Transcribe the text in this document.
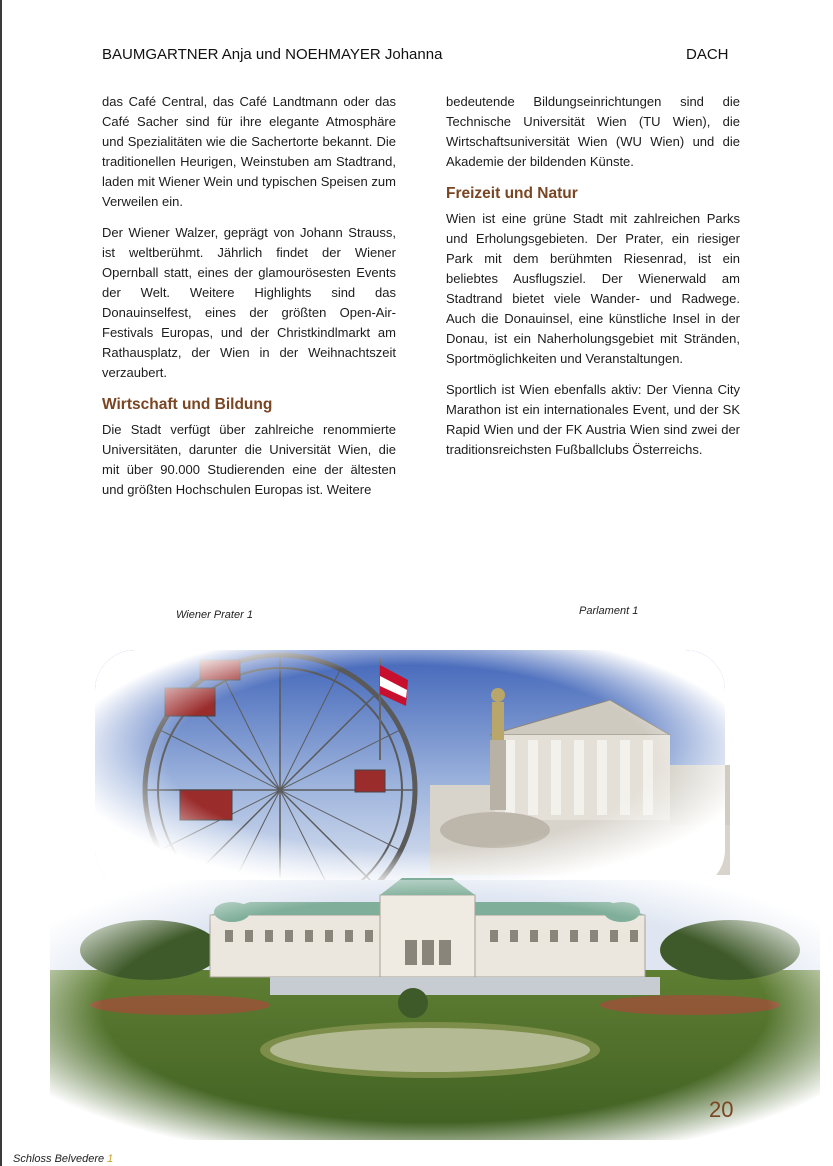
BAUMGARTNER Anja und NOEHMAYER Johanna	DACH

das Café Central, das Café Landtmann oder das Café Sacher sind für ihre elegante Atmosphäre und Spezialitäten wie die Sachertorte bekannt. Die traditionellen Heurigen, Weinstuben am Stadtrand, laden mit Wiener Wein und typischen Speisen zum Verweilen ein.

Der Wiener Walzer, geprägt von Johann Strauss, ist weltberühmt. Jährlich findet der Wiener Opernball statt, eines der glamourösesten Events der Welt. Weitere Highlights sind das Donauinselfest, eines der größten Open-Air-Festivals Europas, und der Christkindlmarkt am Rathausplatz, der Wien in der Weihnachtszeit verzaubert.

Wirtschaft und Bildung

Die Stadt verfügt über zahlreiche renommierte Universitäten, darunter die Universität Wien, die mit über 90.000 Studierenden eine der ältesten und größten Hochschulen Europas ist. Weitere

bedeutende Bildungseinrichtungen sind die Technische Universität Wien (TU Wien), die Wirtschaftsuniversität Wien (WU Wien) und die Akademie der bildenden Künste.

Freizeit und Natur

Wien ist eine grüne Stadt mit zahlreichen Parks und Erholungsgebieten. Der Prater, ein riesiger Park mit dem berühmten Riesenrad, ist ein beliebtes Ausflugsziel. Der Wienerwald am Stadtrand bietet viele Wander- und Radwege. Auch die Donauinsel, eine künstliche Insel in der Donau, ist ein Naherholungsgebiet mit Stränden, Sportmöglichkeiten und Veranstaltungen.

Sportlich ist Wien ebenfalls aktiv: Der Vienna City Marathon ist ein internationales Event, und der SK Rapid Wien und der FK Austria Wien sind zwei der traditionsreichsten Fußballclubs Österreichs.

Wiener Prater 1	Parlament 1
20
Schloss Belvedere 1
